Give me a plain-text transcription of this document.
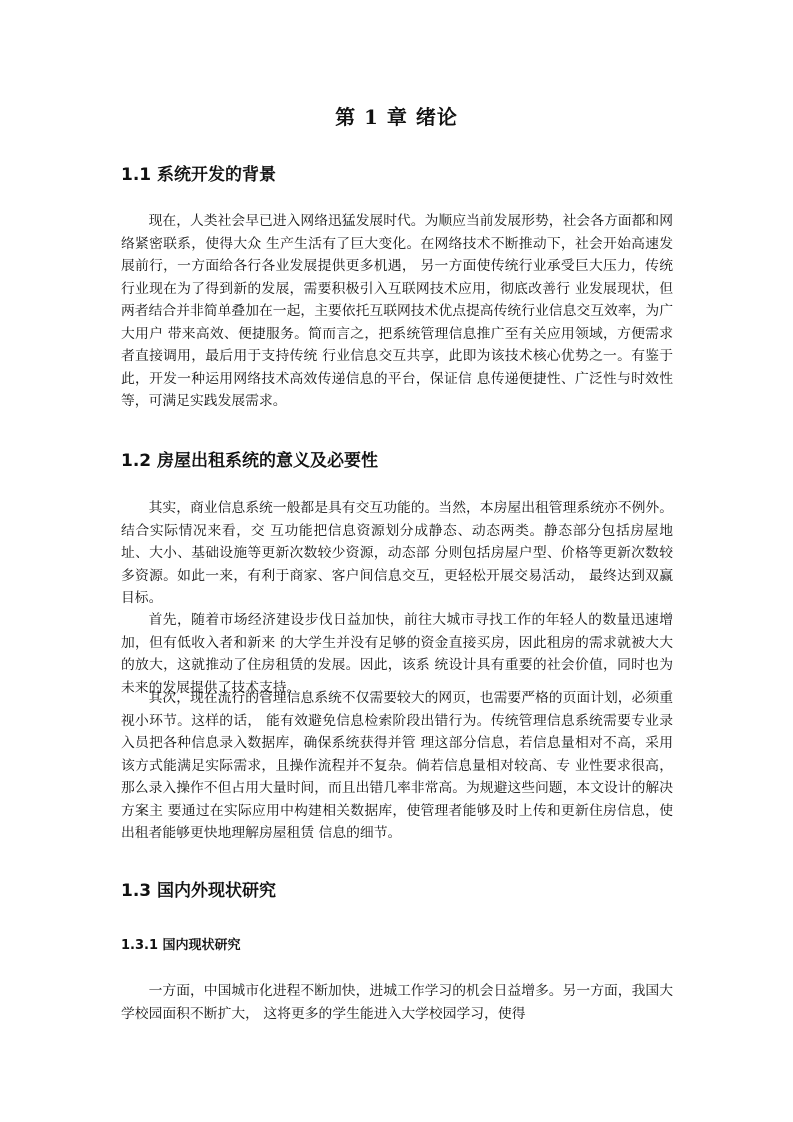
第 1 章 绪论
1.1 系统开发的背景

现在，人类社会早已进入网络迅猛发展时代。为顺应当前发展形势，社会各方面都和网络紧密联系，使得大众 生产生活有了巨大变化。在网络技术不断推动下，社会开始高速发展前行，一方面给各行各业发展提供更多机遇， 另一方面使传统行业承受巨大压力，传统行业现在为了得到新的发展，需要积极引入互联网技术应用，彻底改善行 业发展现状，但两者结合并非简单叠加在一起，主要依托互联网技术优点提高传统行业信息交互效率，为广大用户 带来高效、便捷服务。简而言之，把系统管理信息推广至有关应用领域，方便需求者直接调用，最后用于支持传统 行业信息交互共享，此即为该技术核心优势之一。有鉴于此，开发一种运用网络技术高效传递信息的平台，保证信 息传递便捷性、广泛性与时效性等，可满足实践发展需求。

1.2 房屋出租系统的意义及必要性

其实，商业信息系统一般都是具有交互功能的。当然，本房屋出租管理系统亦不例外。结合实际情况来看，交 互功能把信息资源划分成静态、动态两类。静态部分包括房屋地址、大小、基础设施等更新次数较少资源，动态部 分则包括房屋户型、价格等更新次数较多资源。如此一来，有利于商家、客户间信息交互，更轻松开展交易活动， 最终达到双赢目标。

首先，随着市场经济建设步伐日益加快，前往大城市寻找工作的年轻人的数量迅速增加，但有低收入者和新来 的大学生并没有足够的资金直接买房，因此租房的需求就被大大的放大，这就推动了住房租赁的发展。因此，该系 统设计具有重要的社会价值，同时也为未来的发展提供了技术支持。

其次，现在流行的管理信息系统不仅需要较大的网页，也需要严格的页面计划，必须重视小环节。这样的话， 能有效避免信息检索阶段出错行为。传统管理信息系统需要专业录入员把各种信息录入数据库，确保系统获得并管 理这部分信息，若信息量相对不高，采用该方式能满足实际需求，且操作流程并不复杂。倘若信息量相对较高、专 业性要求很高，那么录入操作不但占用大量时间，而且出错几率非常高。为规避这些问题，本文设计的解决方案主 要通过在实际应用中构建相关数据库，使管理者能够及时上传和更新住房信息，使出租者能够更快地理解房屋租赁 信息的细节。

1.3 国内外现状研究
1.3.1 国内现状研究

一方面，中国城市化进程不断加快，进城工作学习的机会日益增多。另一方面，我国大学校园面积不断扩大， 这将更多的学生能进入大学校园学习，使得
